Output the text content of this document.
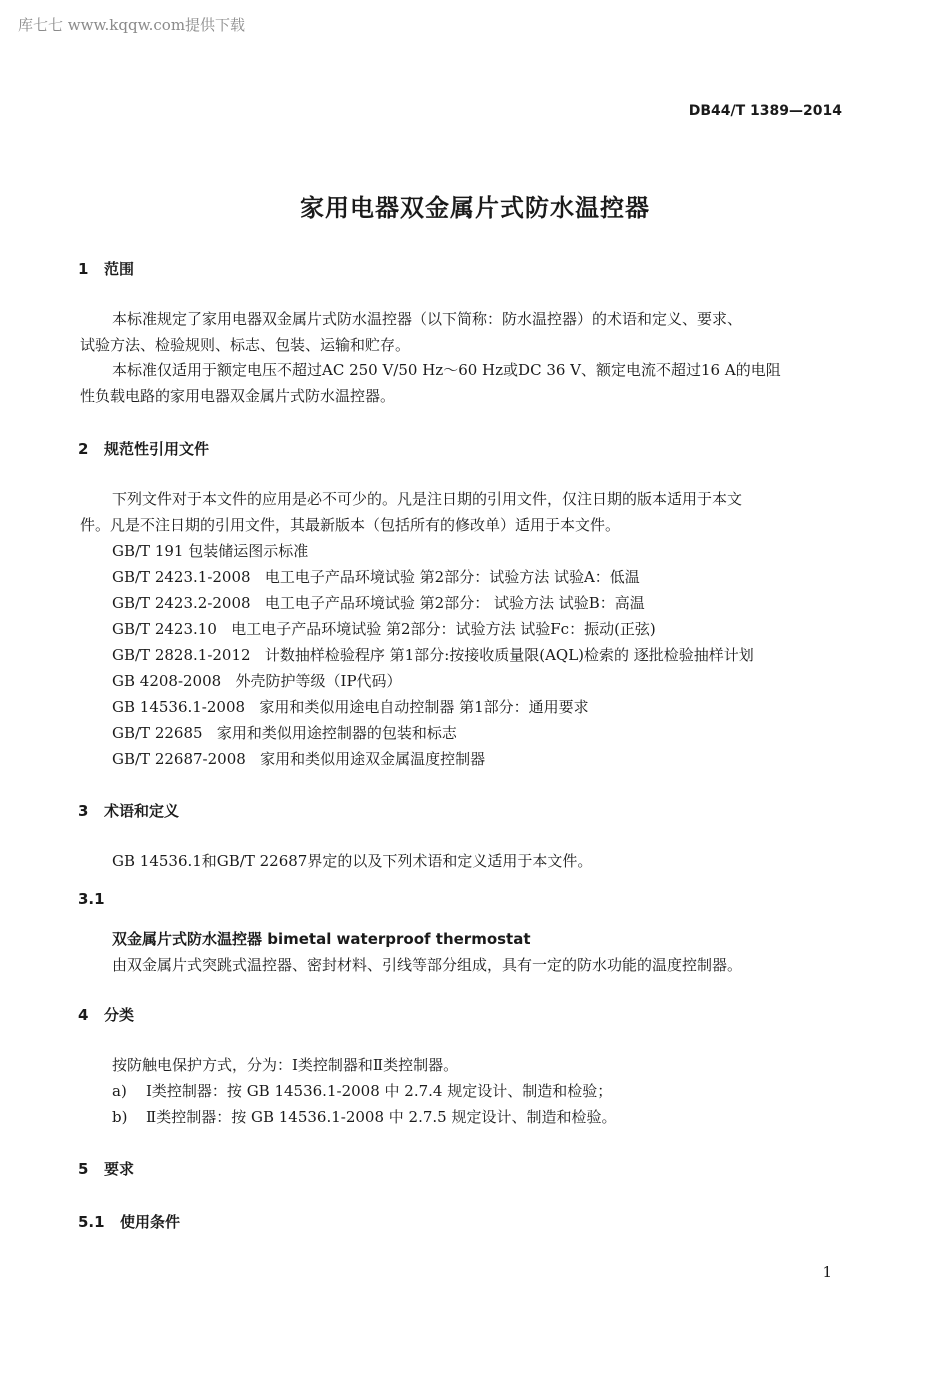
库七七 www.kqqw.com提供下载
DB44/T 1389—2014
家用电器双金属片式防水温控器
1 范围
本标准规定了家用电器双金属片式防水温控器（以下简称：防水温控器）的术语和定义、要求、
试验方法、检验规则、标志、包装、运输和贮存。
本标准仅适用于额定电压不超过AC 250 V/50 Hz～60 Hz或DC 36 V、额定电流不超过16 A的电阻
性负载电路的家用电器双金属片式防水温控器。
2 规范性引用文件
下列文件对于本文件的应用是必不可少的。凡是注日期的引用文件，仅注日期的版本适用于本文
件。凡是不注日期的引用文件，其最新版本（包括所有的修改单）适用于本文件。
GB/T 191 包装储运图示标准
GB/T 2423.1-2008 电工电子产品环境试验 第2部分：试验方法 试验A：低温
GB/T 2423.2-2008 电工电子产品环境试验 第2部分： 试验方法 试验B：高温
GB/T 2423.10 电工电子产品环境试验 第2部分：试验方法 试验Fc：振动(正弦)
GB/T 2828.1-2012 计数抽样检验程序 第1部分:按接收质量限(AQL)检索的 逐批检验抽样计划
GB 4208-2008 外壳防护等级（IP代码）
GB 14536.1-2008 家用和类似用途电自动控制器 第1部分：通用要求
GB/T 22685 家用和类似用途控制器的包装和标志
GB/T 22687-2008 家用和类似用途双金属温度控制器
3 术语和定义
GB 14536.1和GB/T 22687界定的以及下列术语和定义适用于本文件。
3.1
双金属片式防水温控器 bimetal waterproof thermostat
由双金属片式突跳式温控器、密封材料、引线等部分组成，具有一定的防水功能的温度控制器。
4 分类
按防触电保护方式，分为：Ⅰ类控制器和Ⅱ类控制器。
a) Ⅰ类控制器：按 GB 14536.1-2008 中 2.7.4 规定设计、制造和检验；
b) Ⅱ类控制器：按 GB 14536.1-2008 中 2.7.5 规定设计、制造和检验。
5 要求
5.1 使用条件
1
